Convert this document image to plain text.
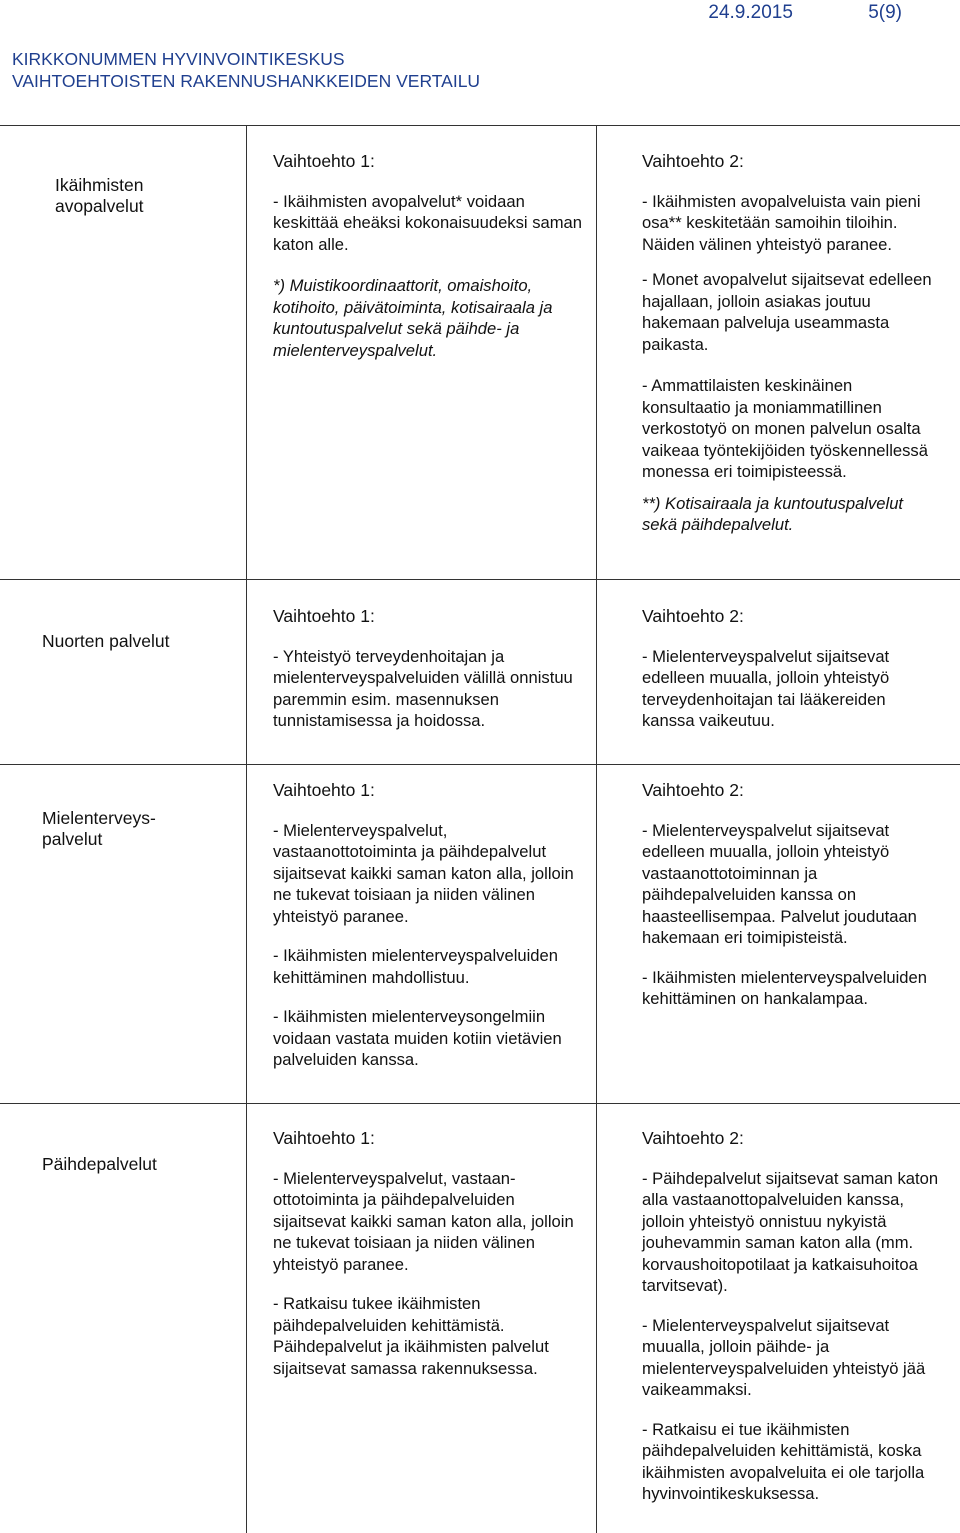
24.9.2015	5(9)
KIRKKONUMMEN HYVINVOINTIKESKUS
VAIHTOEHTOISTEN RAKENNUSHANKKEIDEN VERTAILU
Ikäihmisten avopalvelut

Vaihtoehto 1:

- Ikäihmisten avopalvelut* voidaan keskittää eheäksi kokonaisuudeksi saman katon alle.

*) Muistikoordinaattorit, omaishoito, kotihoito, päivätoiminta, kotisairaala ja kuntoutuspalvelut sekä päihde- ja mielenterveyspalvelut.

Vaihtoehto 2:

- Ikäihmisten avopalveluista vain pieni osa** keskitetään samoihin tiloihin. Näiden välinen yhteistyö paranee.

- Monet avopalvelut sijaitsevat edelleen hajallaan, jolloin asiakas joutuu hakemaan palveluja useammasta paikasta.

- Ammattilaisten keskinäinen konsultaatio ja moniammatillinen verkostotyö on monen palvelun osalta vaikeaa työntekijöiden työskennellessä monessa eri toimipisteessä.

**) Kotisairaala ja kuntoutuspalvelut sekä päihdepalvelut.

Nuorten palvelut

Vaihtoehto 1:

- Yhteistyö terveydenhoitajan ja mielenterveyspalveluiden välillä onnistuu paremmin esim. masennuksen tunnistamisessa ja hoidossa.

Vaihtoehto 2:

- Mielenterveyspalvelut sijaitsevat edelleen muualla, jolloin yhteistyö terveydenhoitajan tai lääkereiden kanssa vaikeutuu.

Mielenterveys-palvelut

Vaihtoehto 1:

- Mielenterveyspalvelut, vastaanottotoiminta ja päihdepalvelut sijaitsevat kaikki saman katon alla, jolloin ne tukevat toisiaan ja niiden välinen yhteistyö paranee.

- Ikäihmisten mielenterveyspalveluiden kehittäminen mahdollistuu.

- Ikäihmisten mielenterveysongelmiin voidaan vastata muiden kotiin vietävien palveluiden kanssa.

Vaihtoehto 2:

- Mielenterveyspalvelut sijaitsevat edelleen muualla, jolloin yhteistyö vastaanottotoiminnan ja päihdepalveluiden kanssa on haasteellisempaa. Palvelut joudutaan hakemaan eri toimipisteistä.

- Ikäihmisten mielenterveyspalveluiden kehittäminen on hankalampaa.

Päihdepalvelut

Vaihtoehto 1:

- Mielenterveyspalvelut, vastaan-ottotoiminta ja päihdepalveluiden sijaitsevat kaikki saman katon alla, jolloin ne tukevat toisiaan ja niiden välinen yhteistyö paranee.

- Ratkaisu tukee ikäihmisten päihdepalveluiden kehittämistä. Päihdepalvelut ja ikäihmisten palvelut sijaitsevat samassa rakennuksessa.

Vaihtoehto 2:

- Päihdepalvelut sijaitsevat saman katon alla vastaanottopalveluiden kanssa, jolloin yhteistyö onnistuu nykyistä jouhevammin saman katon alla (mm. korvaushoitopotilaat ja katkaisuhoitoa tarvitsevat).

- Mielenterveyspalvelut sijaitsevat muualla, jolloin päihde- ja mielenterveyspalveluiden yhteistyö jää vaikeammaksi.

- Ratkaisu ei tue ikäihmisten päihdepalveluiden kehittämistä, koska ikäihmisten avopalveluita ei ole tarjolla hyvinvointikeskuksessa.
